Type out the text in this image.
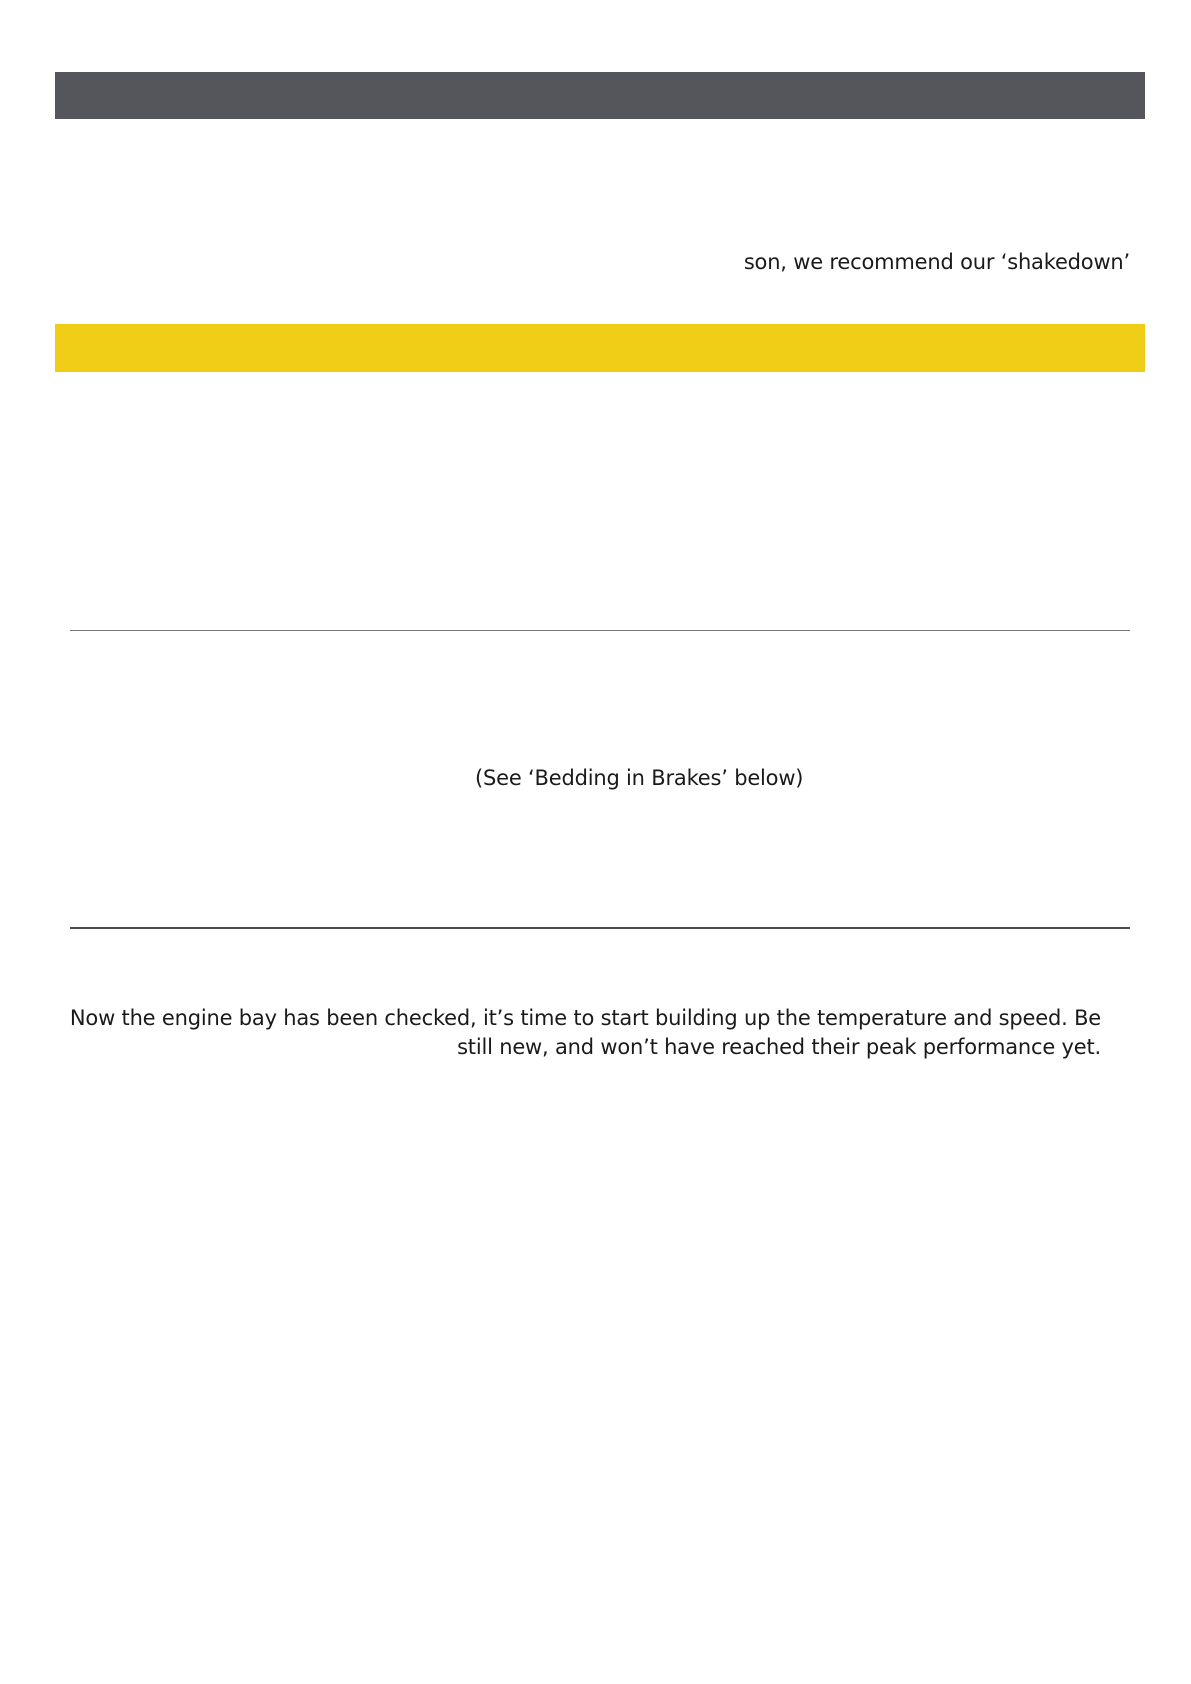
son, we recommend our ‘shakedown’
(See ‘Bedding in Brakes’ below)
Now the engine bay has been checked, it’s time to start building up the temperature and speed. Be
still new, and won’t have reached their peak performance yet.
